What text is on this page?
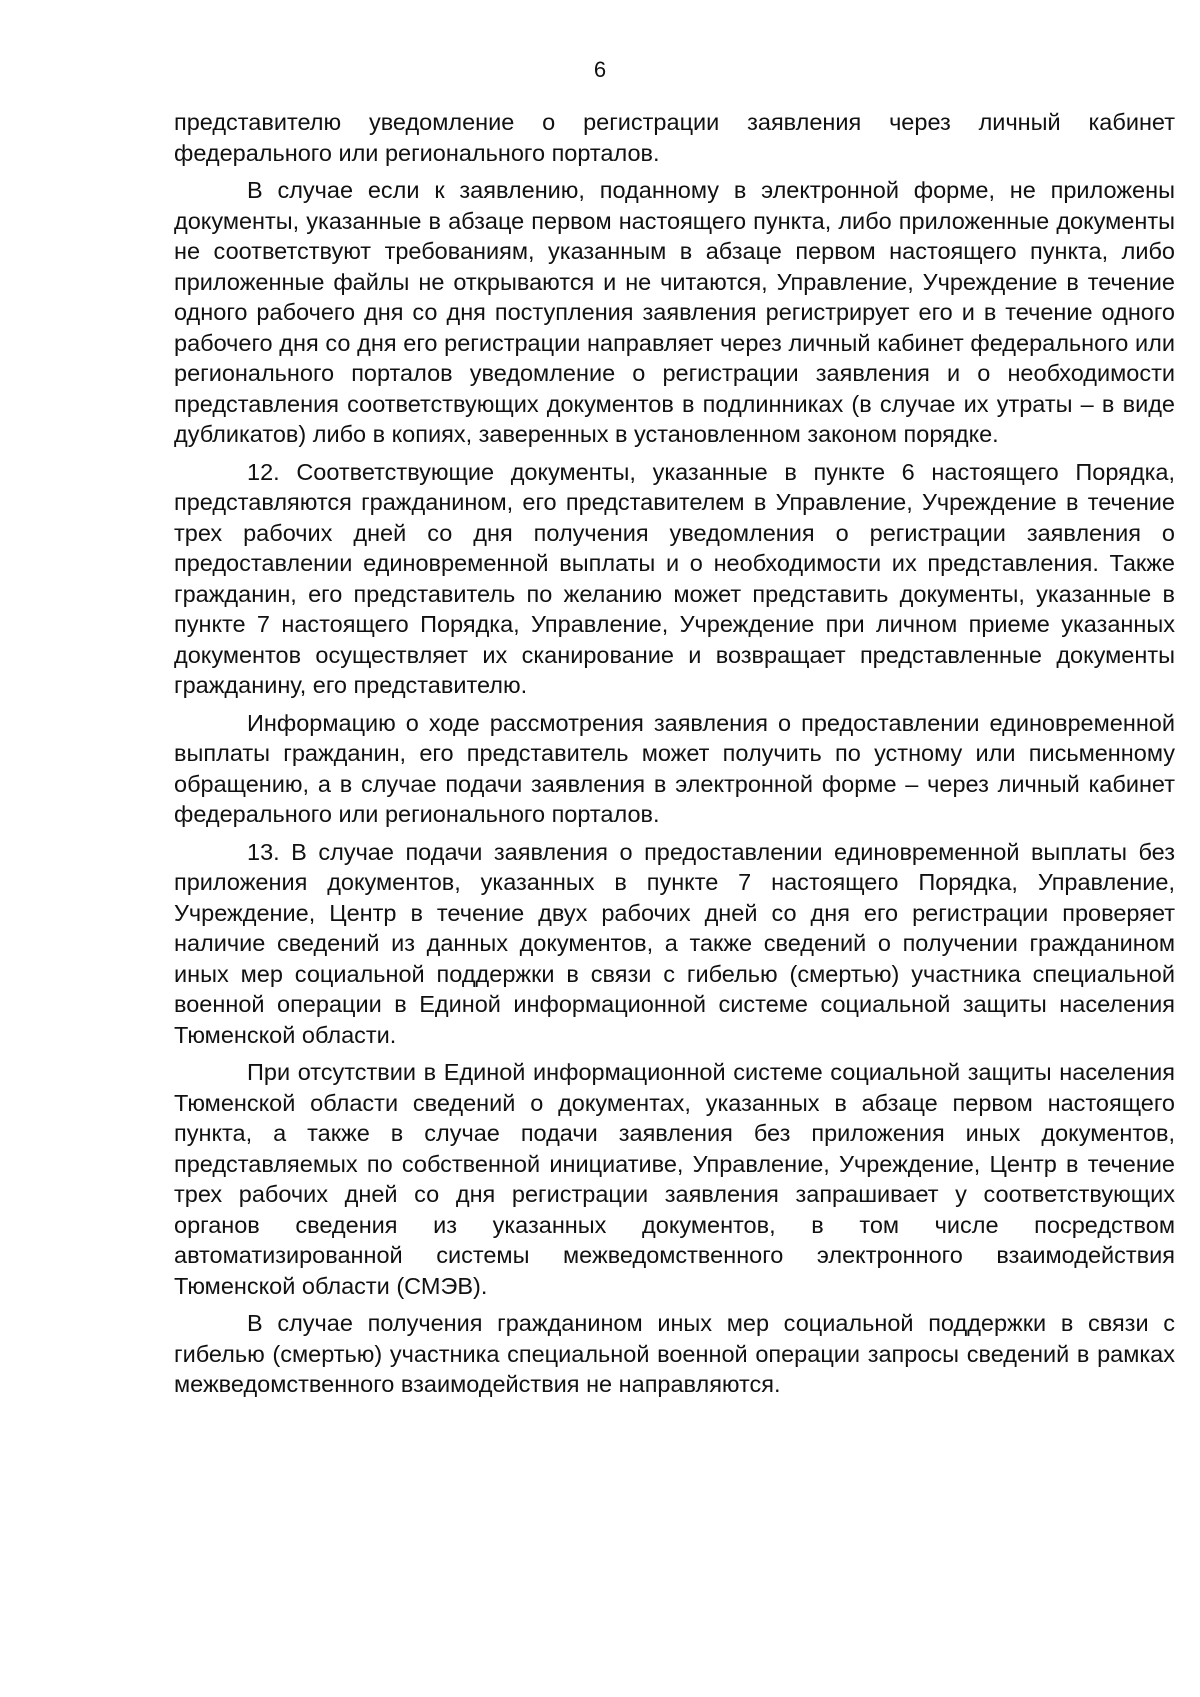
6

представителю уведомление о регистрации заявления через личный кабинет федерального или регионального порталов.

В случае если к заявлению, поданному в электронной форме, не приложены документы, указанные в абзаце первом настоящего пункта, либо приложенные документы не соответствуют требованиям, указанным в абзаце первом настоящего пункта, либо приложенные файлы не открываются и не читаются, Управление, Учреждение в течение одного рабочего дня со дня поступления заявления регистрирует его и в течение одного рабочего дня со дня его регистрации направляет через личный кабинет федерального или регионального порталов уведомление о регистрации заявления и о необходимости представления соответствующих документов в подлинниках (в случае их утраты – в виде дубликатов) либо в копиях, заверенных в установленном законом порядке.

12. Соответствующие документы, указанные в пункте 6 настоящего Порядка, представляются гражданином, его представителем в Управление, Учреждение в течение трех рабочих дней со дня получения уведомления о регистрации заявления о предоставлении единовременной выплаты и о необходимости их представления. Также гражданин, его представитель по желанию может представить документы, указанные в пункте 7 настоящего Порядка, Управление, Учреждение при личном приеме указанных документов осуществляет их сканирование и возвращает представленные документы гражданину, его представителю.

Информацию о ходе рассмотрения заявления о предоставлении единовременной выплаты гражданин, его представитель может получить по устному или письменному обращению, а в случае подачи заявления в электронной форме – через личный кабинет федерального или регионального порталов.

13. В случае подачи заявления о предоставлении единовременной выплаты без приложения документов, указанных в пункте 7 настоящего Порядка, Управление, Учреждение, Центр в течение двух рабочих дней со дня его регистрации проверяет наличие сведений из данных документов, а также сведений о получении гражданином иных мер социальной поддержки в связи с гибелью (смертью) участника специальной военной операции в Единой информационной системе социальной защиты населения Тюменской области.

При отсутствии в Единой информационной системе социальной защиты населения Тюменской области сведений о документах, указанных в абзаце первом настоящего пункта, а также в случае подачи заявления без приложения иных документов, представляемых по собственной инициативе, Управление, Учреждение, Центр в течение трех рабочих дней со дня регистрации заявления запрашивает у соответствующих органов сведения из указанных документов, в том числе посредством автоматизированной системы межведомственного электронного взаимодействия Тюменской области (СМЭВ).

В случае получения гражданином иных мер социальной поддержки в связи с гибелью (смертью) участника специальной военной операции запросы сведений в рамках межведомственного взаимодействия не направляются.
